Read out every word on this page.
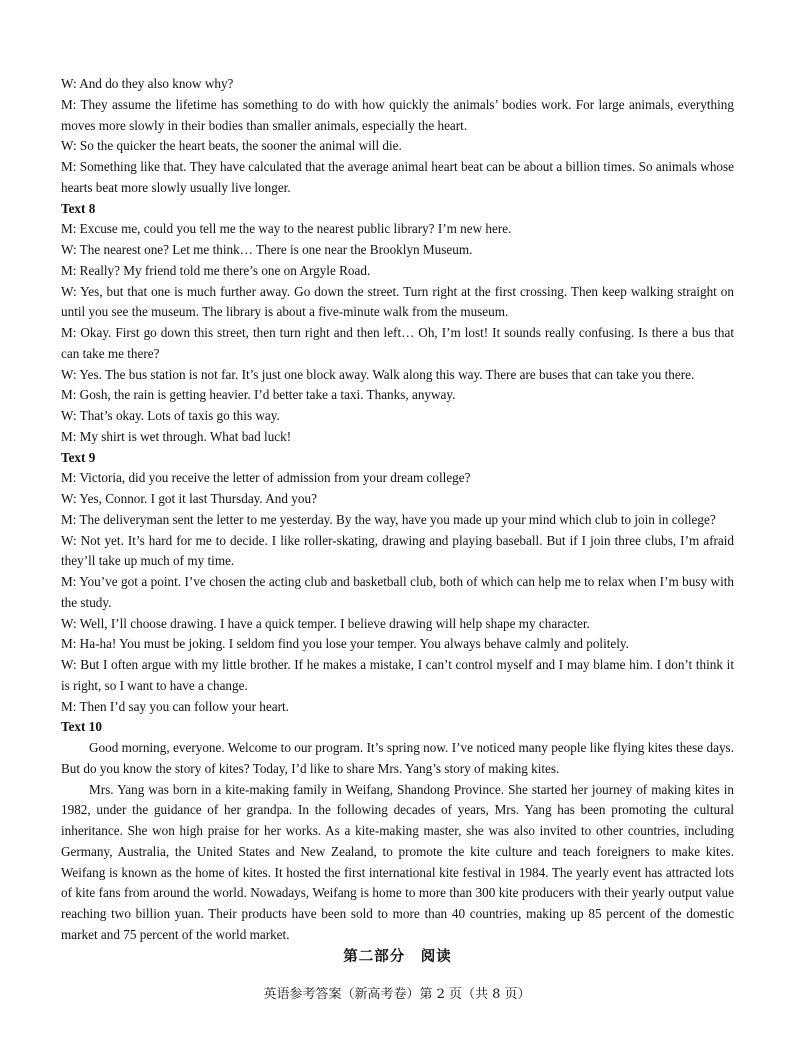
W: And do they also know why?

M: They assume the lifetime has something to do with how quickly the animals’ bodies work. For large animals, everything moves more slowly in their bodies than smaller animals, especially the heart.

W: So the quicker the heart beats, the sooner the animal will die.

M: Something like that. They have calculated that the average animal heart beat can be about a billion times. So animals whose hearts beat more slowly usually live longer.

Text 8

M: Excuse me, could you tell me the way to the nearest public library? I’m new here.

W: The nearest one? Let me think… There is one near the Brooklyn Museum.

M: Really? My friend told me there’s one on Argyle Road.

W: Yes, but that one is much further away. Go down the street. Turn right at the first crossing. Then keep walking straight on until you see the museum. The library is about a five-minute walk from the museum.

M: Okay. First go down this street, then turn right and then left… Oh, I’m lost! It sounds really confusing. Is there a bus that can take me there?

W: Yes. The bus station is not far. It’s just one block away. Walk along this way. There are buses that can take you there.

M: Gosh, the rain is getting heavier. I’d better take a taxi. Thanks, anyway.

W: That’s okay. Lots of taxis go this way.

M: My shirt is wet through. What bad luck!

Text 9

M: Victoria, did you receive the letter of admission from your dream college?

W: Yes, Connor. I got it last Thursday. And you?

M: The deliveryman sent the letter to me yesterday. By the way, have you made up your mind which club to join in college?

W: Not yet. It’s hard for me to decide. I like roller-skating, drawing and playing baseball. But if I join three clubs, I’m afraid they’ll take up much of my time.

M: You’ve got a point. I’ve chosen the acting club and basketball club, both of which can help me to relax when I’m busy with the study.

W: Well, I’ll choose drawing. I have a quick temper. I believe drawing will help shape my character.

M: Ha-ha! You must be joking. I seldom find you lose your temper. You always behave calmly and politely.

W: But I often argue with my little brother. If he makes a mistake, I can’t control myself and I may blame him. I don’t think it is right, so I want to have a change.

M: Then I’d say you can follow your heart.

Text 10

Good morning, everyone. Welcome to our program. It’s spring now. I’ve noticed many people like flying kites these days. But do you know the story of kites? Today, I’d like to share Mrs. Yang’s story of making kites.

Mrs. Yang was born in a kite-making family in Weifang, Shandong Province. She started her journey of making kites in 1982, under the guidance of her grandpa. In the following decades of years, Mrs. Yang has been promoting the cultural inheritance. She won high praise for her works. As a kite-making master, she was also invited to other countries, including Germany, Australia, the United States and New Zealand, to promote the kite culture and teach foreigners to make kites. Weifang is known as the home of kites. It hosted the first international kite festival in 1984. The yearly event has attracted lots of kite fans from around the world. Nowadays, Weifang is home to more than 300 kite producers with their yearly output value reaching two billion yuan. Their products have been sold to more than 40 countries, making up 85 percent of the domestic market and 75 percent of the world market.

第二部分　阅读
英语参考答案（新高考卷）第 2 页（共 8 页）
